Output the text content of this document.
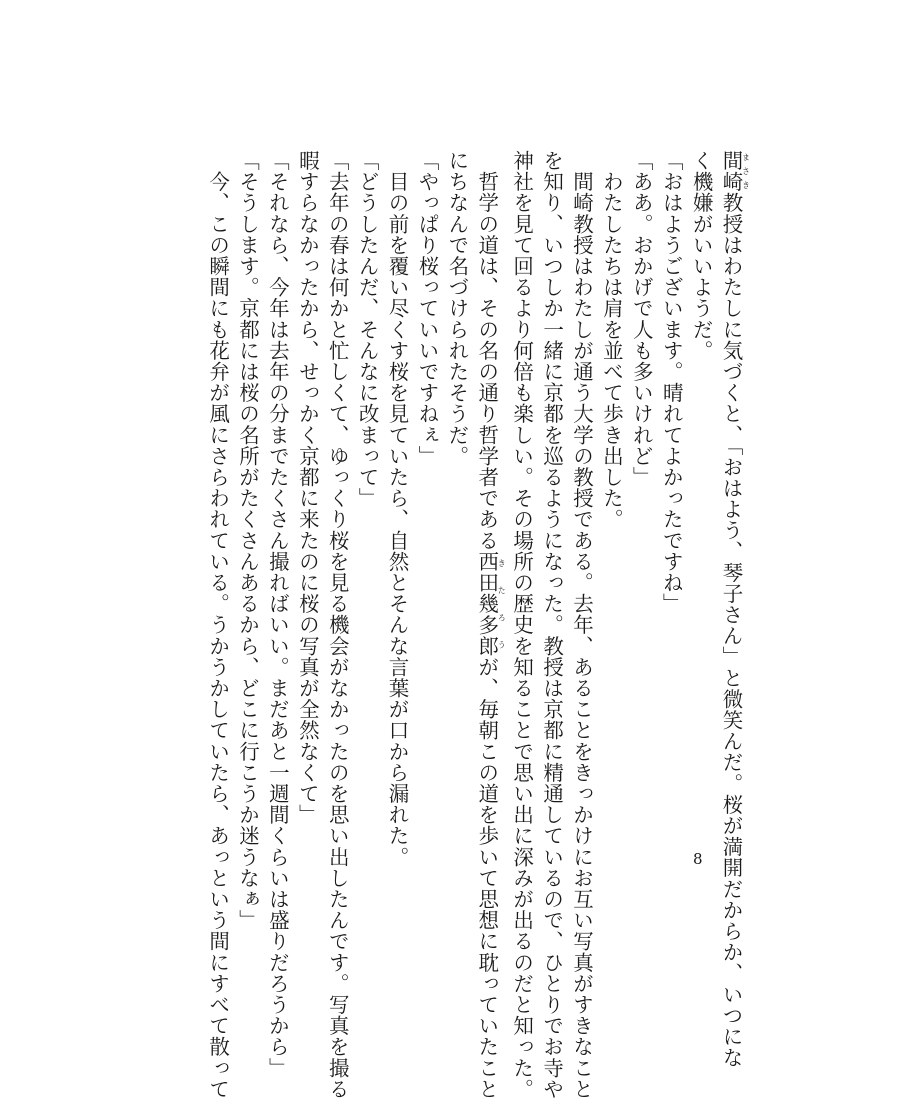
間崎まさき教授はわたしに気づくと、「おはよう、琴子さん」と微笑んだ。桜が満開だからか、いつにな
く機嫌がいいようだ。
「おはようございます。晴れてよかったですね」
「ああ。おかげで人も多いけれど」
　わたしたちは肩を並べて歩き出した。
　間崎教授はわたしが通う大学の教授である。去年、あることをきっかけにお互い写真がすきなこと
を知り、いつしか一緒に京都を巡るようになった。教授は京都に精通しているので、ひとりでお寺や
神社を見て回るより何倍も楽しい。その場所の歴史を知ることで思い出に深みが出るのだと知った。
　哲学の道は、その名の通り哲学者である西田幾多郎きたろうが、毎朝この道を歩いて思想に耽っていたこと
にちなんで名づけられたそうだ。
「やっぱり桜っていいですねぇ」
　目の前を覆い尽くす桜を見ていたら、自然とそんな言葉が口から漏れた。
「どうしたんだ、そんなに改まって」
「去年の春は何かと忙しくて、ゆっくり桜を見る機会がなかったのを思い出したんです。写真を撮る
暇すらなかったから、せっかく京都に来たのに桜の写真が全然なくて」
「それなら、今年は去年の分までたくさん撮ればいい。まだあと一週間くらいは盛りだろうから」
「そうします。京都には桜の名所がたくさんあるから、どこに行こうか迷うなぁ」
　今、この瞬間にも花弁が風にさらわれている。うかうかしていたら、あっという間にすべて散って	8
